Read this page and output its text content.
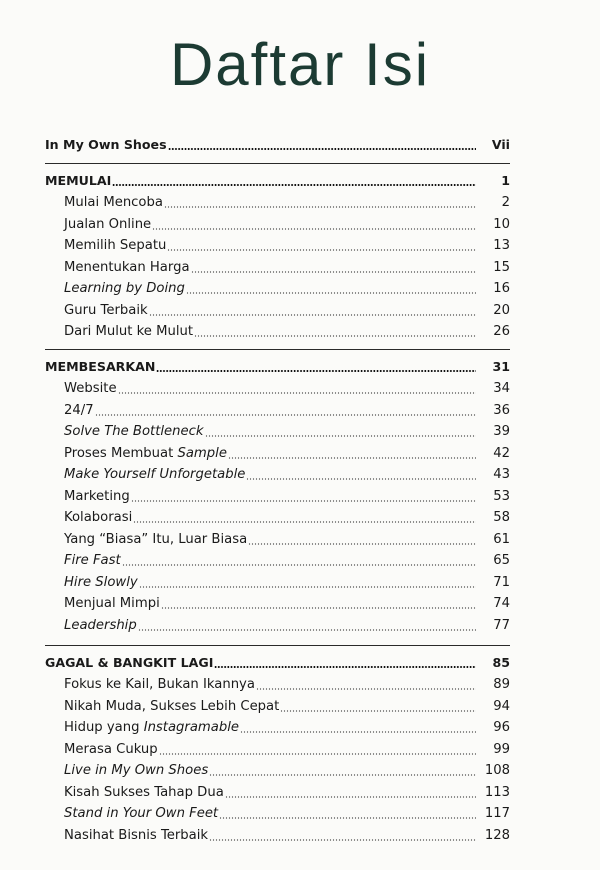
Daftar Isi
In My Own Shoes	Vii
MEMULAI	1
Mulai Mencoba	2
Jualan Online	10
Memilih Sepatu	13
Menentukan Harga	15
Learning by Doing	16
Guru Terbaik	20
Dari Mulut ke Mulut	26
MEMBESARKAN	31
Website	34
24/7	36
Solve The Bottleneck	39
Proses Membuat Sample	42
Make Yourself Unforgetable	43
Marketing	53
Kolaborasi	58
Yang “Biasa” Itu, Luar Biasa	61
Fire Fast	65
Hire Slowly	71
Menjual Mimpi	74
Leadership	77
GAGAL & BANGKIT LAGI	85
Fokus ke Kail, Bukan Ikannya	89
Nikah Muda, Sukses Lebih Cepat	94
Hidup yang Instagramable	96
Merasa Cukup	99
Live in My Own Shoes	108
Kisah Sukses Tahap Dua	113
Stand in Your Own Feet	117
Nasihat Bisnis Terbaik	128
